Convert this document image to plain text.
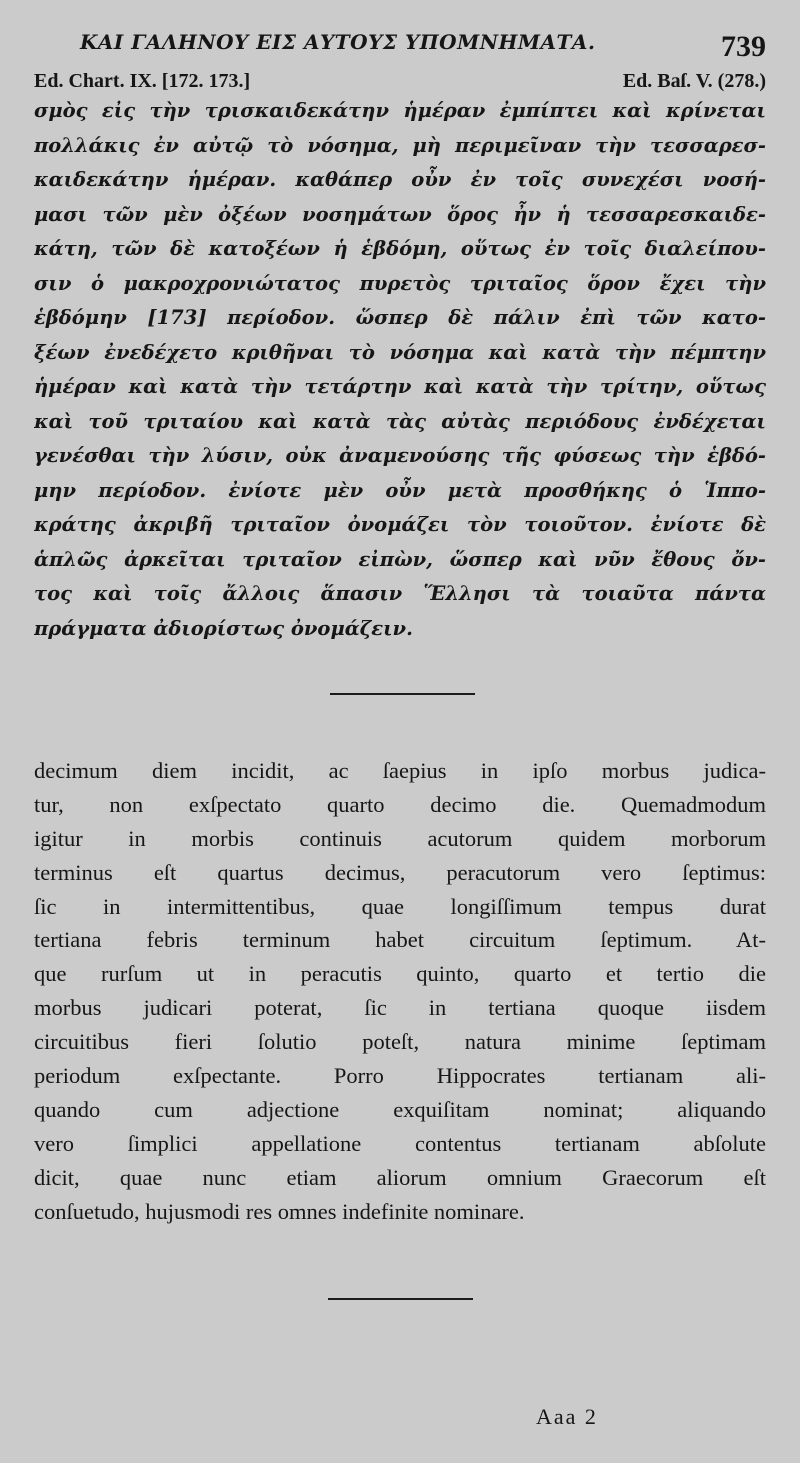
ΚΑΙ ΓΑΛΗΝΟΥ ΕΙΣ ΑΥΤΟΥΣ ΥΠΟΜΝΗΜΑΤΑ.	739
Ed. Chart. IX. [172. 173.]	Ed. Baſ. V. (278.)
σμὸς εἰς τὴν τρισκαιδεκάτην ἡμέραν ἐμπίπτει καὶ κρίνεται
πολλάκις ἐν αὐτῷ τὸ νόσημα, μὴ περιμεῖναν τὴν τεσσαρεσ-
καιδεκάτην ἡμέραν. καθάπερ οὖν ἐν τοῖς συνεχέσι νοσή-
μασι τῶν μὲν ὀξέων νοσημάτων ὅρος ἦν ἡ τεσσαρεσκαιδε-
κάτη, τῶν δὲ κατοξέων ἡ ἑβδόμη, οὕτως ἐν τοῖς διαλείπου-
σιν ὁ μακροχρονιώτατος πυρετὸς τριταῖος ὅρον ἔχει τὴν
ἑβδόμην [173] περίοδον. ὥσπερ δὲ πάλιν ἐπὶ τῶν κατο-
ξέων ἐνεδέχετο κριθῆναι τὸ νόσημα καὶ κατὰ τὴν πέμπτην
ἡμέραν καὶ κατὰ τὴν τετάρτην καὶ κατὰ τὴν τρίτην, οὕτως
καὶ τοῦ τριταίου καὶ κατὰ τὰς αὐτὰς περιόδους ἐνδέχεται
γενέσθαι τὴν λύσιν, οὐκ ἀναμενούσης τῆς φύσεως τὴν ἑβδό-
μην περίοδον. ἐνίοτε μὲν οὖν μετὰ προσθήκης ὁ Ἱππο-
κράτης ἀκριβῆ τριταῖον ὀνομάζει τὸν τοιοῦτον. ἐνίοτε δὲ
ἁπλῶς ἀρκεῖται τριταῖον εἰπὼν, ὥσπερ καὶ νῦν ἔθους ὄν-
τος καὶ τοῖς ἄλλοις ἅπασιν Ἕλλησι τὰ τοιαῦτα πάντα
πράγματα ἀδιορίστως ὀνομάζειν.
decimum diem incidit, ac ſaepius in ipſo morbus judica-
tur, non exſpectato quarto decimo die. Quemadmodum
igitur in morbis continuis acutorum quidem morborum
terminus eſt quartus decimus, peracutorum vero ſeptimus:
ſic in intermittentibus, quae longiſſimum tempus durat
tertiana febris terminum habet circuitum ſeptimum. At-
que rurſum ut in peracutis quinto, quarto et tertio die
morbus judicari poterat, ſic in tertiana quoque iisdem
circuitibus fieri ſolutio poteſt, natura minime ſeptimam
periodum exſpectante. Porro Hippocrates tertianam ali-
quando cum adjectione exquiſitam nominat; aliquando
vero ſimplici appellatione contentus tertianam abſolute
dicit, quae nunc etiam aliorum omnium Graecorum eſt
conſuetudo, hujusmodi res omnes indefinite nominare.
Aaa 2
